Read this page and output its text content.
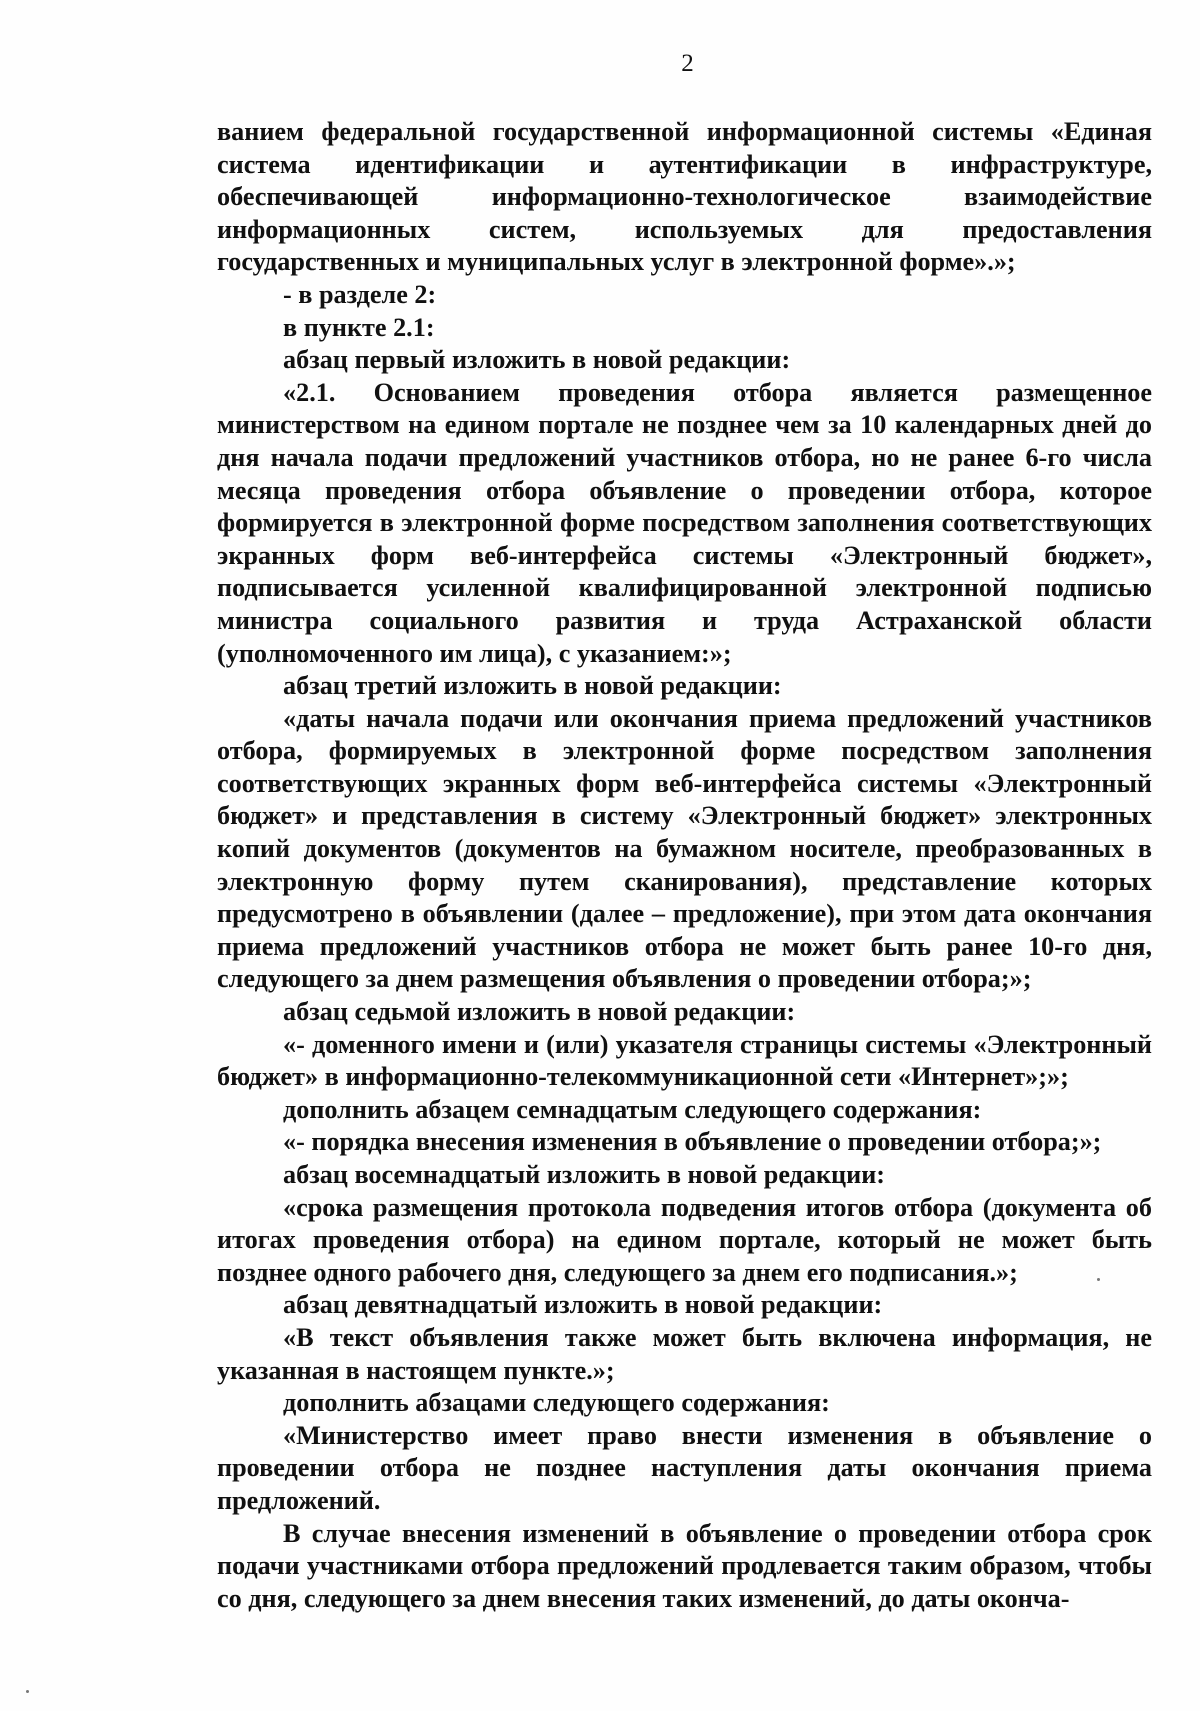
2

ванием федеральной государственной информационной системы «Единая система идентификации и аутентификации в инфраструктуре, обеспечивающей информационно-технологическое взаимодействие информационных систем, используемых для предоставления государственных и муниципальных услуг в электронной форме».»;

- в разделе 2:

в пункте 2.1:

абзац первый изложить в новой редакции:

«2.1. Основанием проведения отбора является размещенное министерством на едином портале не позднее чем за 10 календарных дней до дня начала подачи предложений участников отбора, но не ранее 6-го числа месяца проведения отбора объявление о проведении отбора, которое формируется в электронной форме посредством заполнения соответствующих экранных форм веб-интерфейса системы «Электронный бюджет», подписывается усиленной квалифицированной электронной подписью министра социального развития и труда Астраханской области (уполномоченного им лица), с указанием:»;

абзац третий изложить в новой редакции:

«даты начала подачи или окончания приема предложений участников отбора, формируемых в электронной форме посредством заполнения соответствующих экранных форм веб-интерфейса системы «Электронный бюджет» и представления в систему «Электронный бюджет» электронных копий документов (документов на бумажном носителе, преобразованных в электронную форму путем сканирования), представление которых предусмотрено в объявлении (далее – предложение), при этом дата окончания приема предложений участников отбора не может быть ранее 10-го дня, следующего за днем размещения объявления о проведении отбора;»;

абзац седьмой изложить в новой редакции:

«- доменного имени и (или) указателя страницы системы «Электронный бюджет» в информационно-телекоммуникационной сети «Интернет»;»;

дополнить абзацем семнадцатым следующего содержания:

«- порядка внесения изменения в объявление о проведении отбора;»;

абзац восемнадцатый изложить в новой редакции:

«срока размещения протокола подведения итогов отбора (документа об итогах проведения отбора) на едином портале, который не может быть позднее одного рабочего дня, следующего за днем его подписания.»;

абзац девятнадцатый изложить в новой редакции:

«В текст объявления также может быть включена информация, не указанная в настоящем пункте.»;

дополнить абзацами следующего содержания:

«Министерство имеет право внести изменения в объявление о проведении отбора не позднее наступления даты окончания приема предложений.

В случае внесения изменений в объявление о проведении отбора срок подачи участниками отбора предложений продлевается таким образом, чтобы со дня, следующего за днем внесения таких изменений, до даты оконча-
